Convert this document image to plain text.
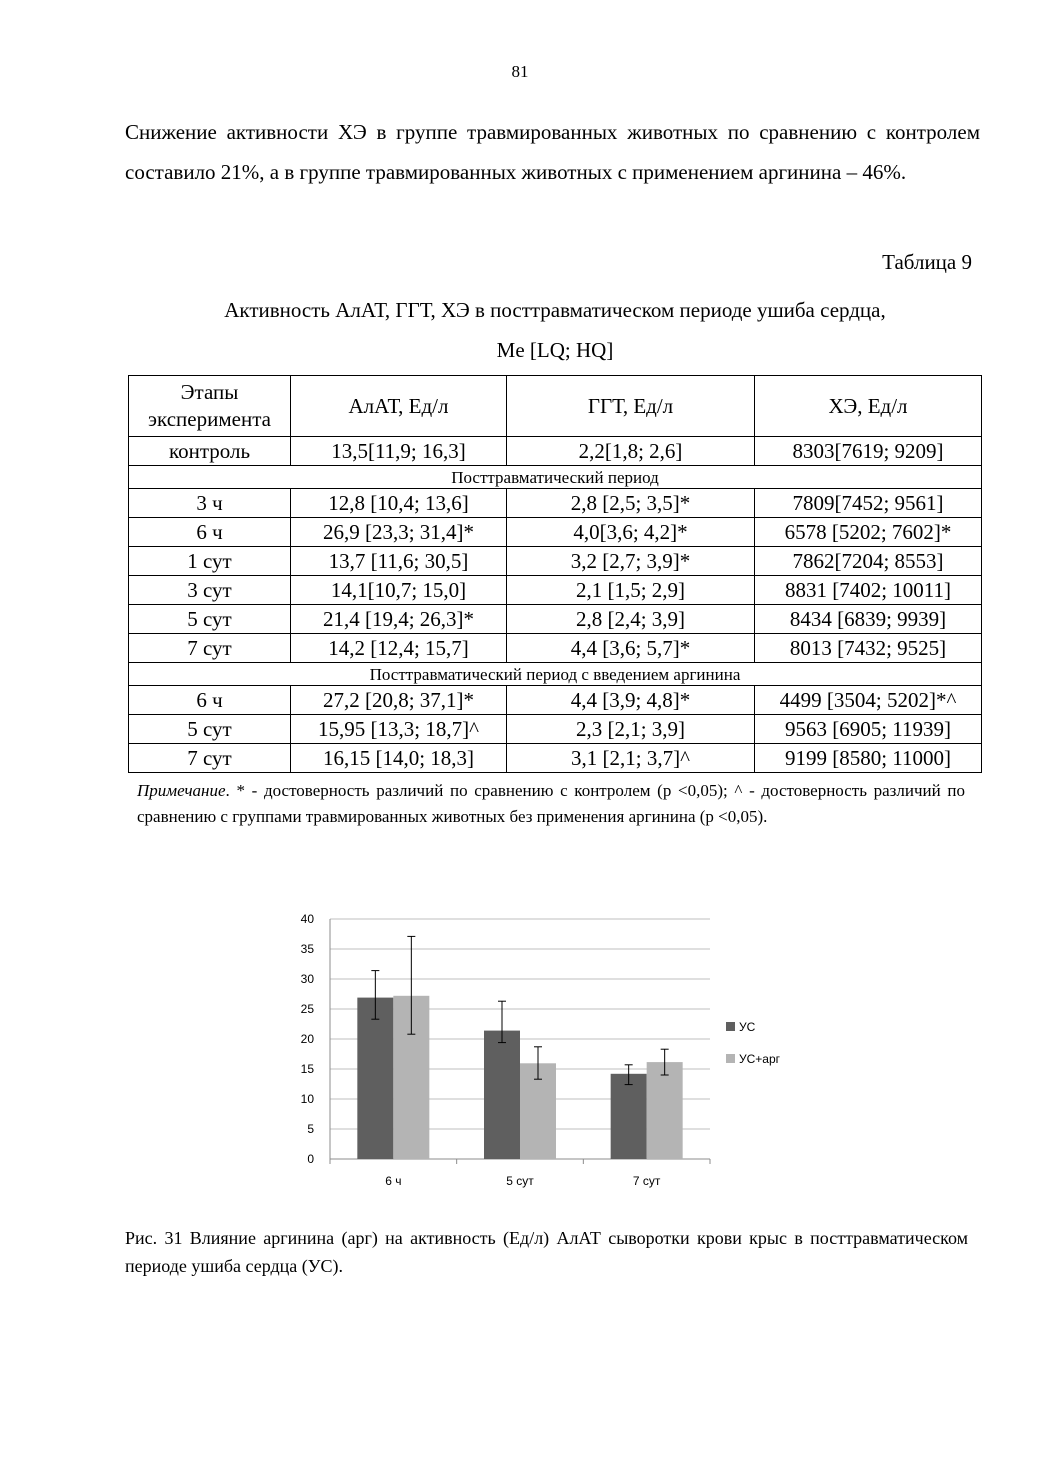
81

Снижение активности ХЭ в группе травмированных животных по сравнению с контролем составило 21%, а в группе травмированных животных с применением аргинина – 46%.

Таблица 9
Активность АлАТ, ГГТ, ХЭ в посттравматическом периоде ушиба сердца,
Me [LQ; HQ]
Этапы эксперимента	АлАТ, Ед/л	ГГТ, Ед/л	ХЭ, Ед/л
контроль	13,5[11,9; 16,3]	2,2[1,8; 2,6]	8303[7619; 9209]
Посттравматический период			
3 ч	12,8 [10,4; 13,6]	2,8 [2,5; 3,5]*	7809[7452; 9561]
6 ч	26,9 [23,3; 31,4]*	4,0[3,6; 4,2]*	6578 [5202; 7602]*
1 сут	13,7 [11,6; 30,5]	3,2 [2,7; 3,9]*	7862[7204; 8553]
3 сут	14,1[10,7; 15,0]	2,1 [1,5; 2,9]	8831 [7402; 10011]
5 сут	21,4 [19,4; 26,3]*	2,8 [2,4; 3,9]	8434 [6839; 9939]
7 сут	14,2 [12,4; 15,7]	4,4 [3,6; 5,7]*	8013 [7432; 9525]
Посттравматический период с введением аргинина			
6 ч	27,2 [20,8; 37,1]*	4,4 [3,9; 4,8]*	4499 [3504; 5202]*^
5 сут	15,95 [13,3; 18,7]^	2,3 [2,1; 3,9]	9563 [6905; 11939]
7 сут	16,15 [14,0; 18,3]	3,1 [2,1; 3,7]^	9199 [8580; 11000]

Примечание. * - достоверность различий по сравнению с контролем (р <0,05); ^ - достоверность различий по сравнению с группами травмированных животных без применения аргинина (р <0,05).

0
5
10
15
20
25
30
35
40
6 ч	5 сут	7 сут
УС
УС+арг

Рис. 31 Влияние аргинина (арг) на активность (Ед/л) АлАТ сыворотки крови крыс в посттравматическом периоде ушиба сердца (УС).
